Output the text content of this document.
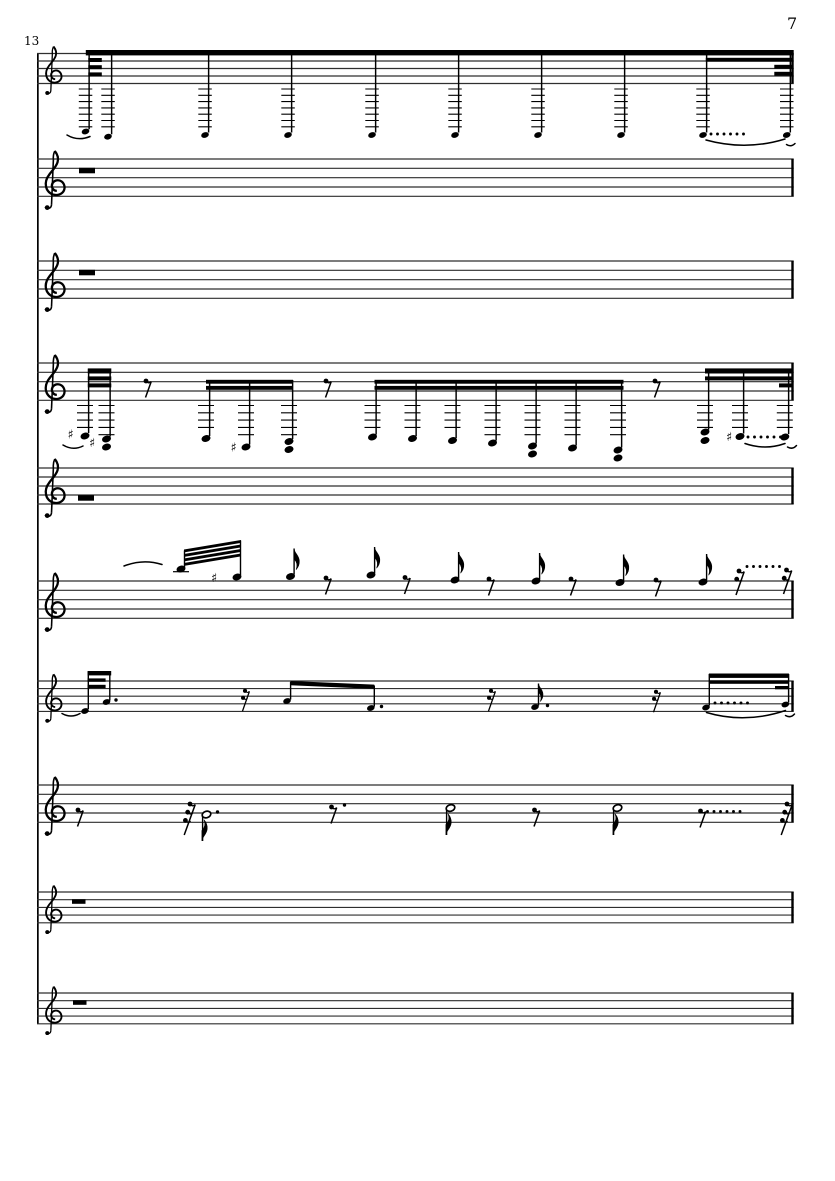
7
13
♯
♯	♯
♯
♯
